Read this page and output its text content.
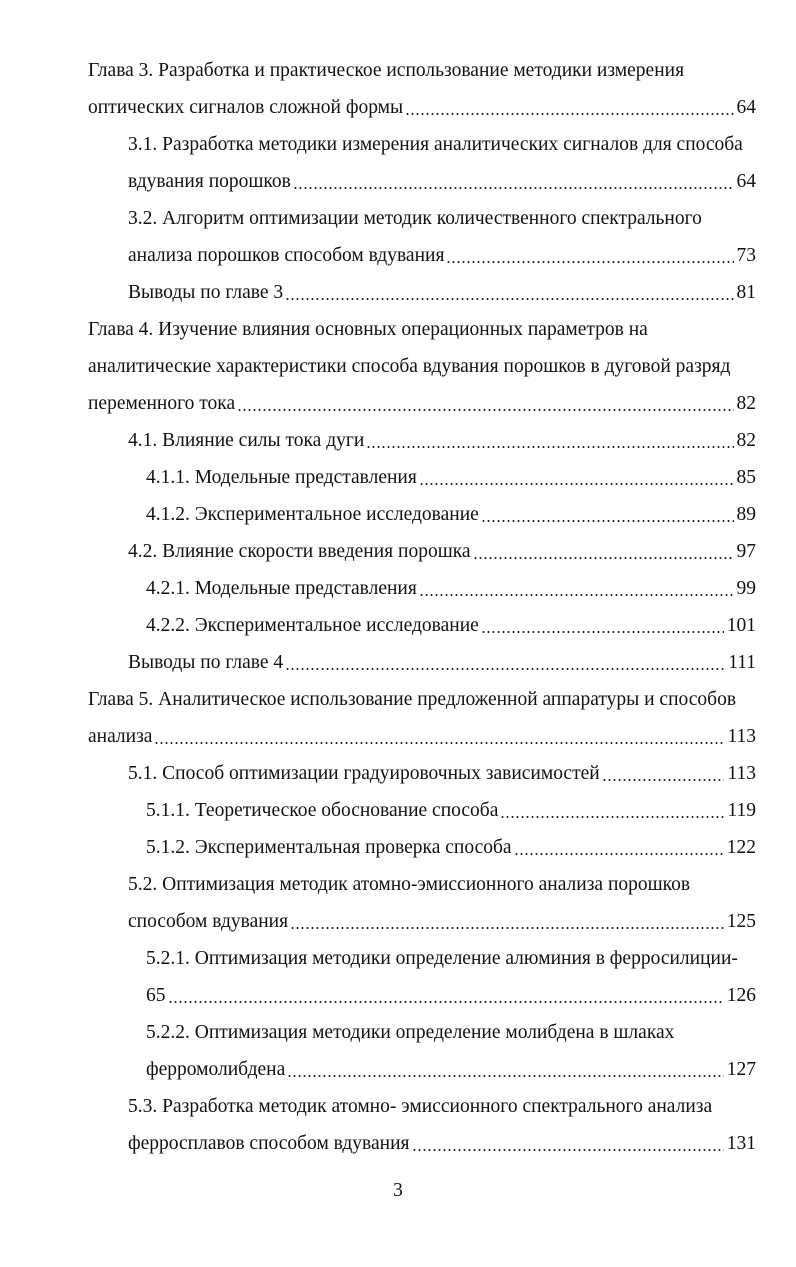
Глава 3. Разработка и практическое использование методики измерения
оптических сигналов сложной формы	64
3.1. Разработка методики измерения аналитических сигналов для способа
вдувания порошков	64
3.2. Алгоритм оптимизации методик количественного спектрального
анализа порошков способом вдувания	73
Выводы по главе 3	81
Глава 4. Изучение влияния основных операционных параметров на
аналитические характеристики способа вдувания порошков в дуговой разряд
переменного тока	82
4.1. Влияние силы тока дуги	82
4.1.1. Модельные представления	85
4.1.2. Экспериментальное исследование	89
4.2. Влияние скорости введения порошка	97
4.2.1. Модельные представления	99
4.2.2. Экспериментальное исследование	101
Выводы по главе 4	111
Глава 5. Аналитическое использование предложенной аппаратуры и способов
анализа	113
5.1. Способ оптимизации градуировочных зависимостей	113
5.1.1. Теоретическое обоснование способа	119
5.1.2. Экспериментальная проверка способа	122
5.2. Оптимизация методик атомно-эмиссионного анализа порошков
способом вдувания	125
5.2.1. Оптимизация методики определение алюминия в ферросилиции-
65	126
5.2.2. Оптимизация методики определение молибдена в шлаках
ферромолибдена	127
5.3. Разработка методик атомно- эмиссионного спектрального анализа
ферросплавов способом вдувания	131
3
